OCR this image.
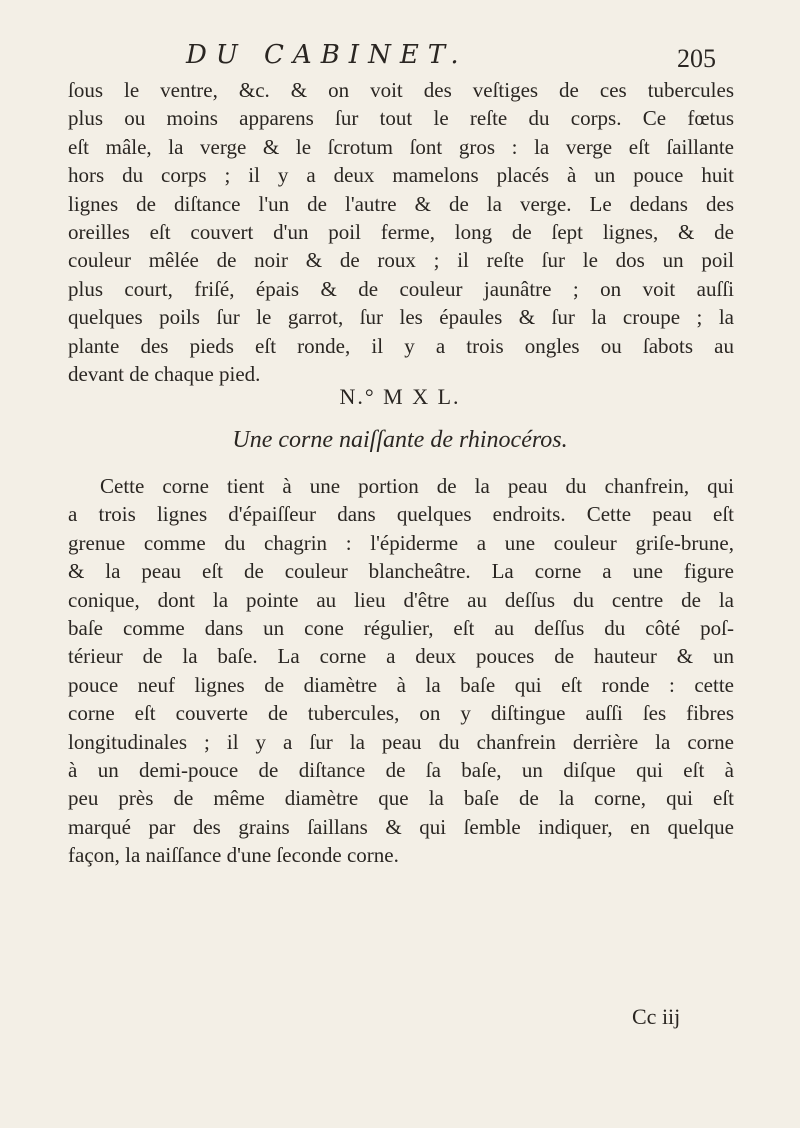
DU CABINET.	205
ſous le ventre, &c. & on voit des veſtiges de ces tubercules
plus ou moins apparens ſur tout le reſte du corps. Ce fœtus
eſt mâle, la verge & le ſcrotum ſont gros : la verge eſt ſaillante
hors du corps ; il y a deux mamelons placés à un pouce huit
lignes de diſtance l'un de l'autre & de la verge. Le dedans des
oreilles eſt couvert d'un poil ferme, long de ſept lignes, & de
couleur mêlée de noir & de roux ; il reſte ſur le dos un poil
plus court, friſé, épais & de couleur jaunâtre ; on voit auſſi
quelques poils ſur le garrot, ſur les épaules & ſur la croupe ; la
plante des pieds eſt ronde, il y a trois ongles ou ſabots au
devant de chaque pied.
N.° M X L.
Une corne naiſſante de rhinocéros.
Cette corne tient à une portion de la peau du chanfrein, qui
a trois lignes d'épaiſſeur dans quelques endroits. Cette peau eſt
grenue comme du chagrin : l'épiderme a une couleur griſe-brune,
& la peau eſt de couleur blancheâtre. La corne a une figure
conique, dont la pointe au lieu d'être au deſſus du centre de la
baſe comme dans un cone régulier, eſt au deſſus du côté poſ-
térieur de la baſe. La corne a deux pouces de hauteur & un
pouce neuf lignes de diamètre à la baſe qui eſt ronde : cette
corne eſt couverte de tubercules, on y diſtingue auſſi ſes fibres
longitudinales ; il y a ſur la peau du chanfrein derrière la corne
à un demi-pouce de diſtance de ſa baſe, un diſque qui eſt à
peu près de même diamètre que la baſe de la corne, qui eſt
marqué par des grains ſaillans & qui ſemble indiquer, en quelque
façon, la naiſſance d'une ſeconde corne.
Cc iij
